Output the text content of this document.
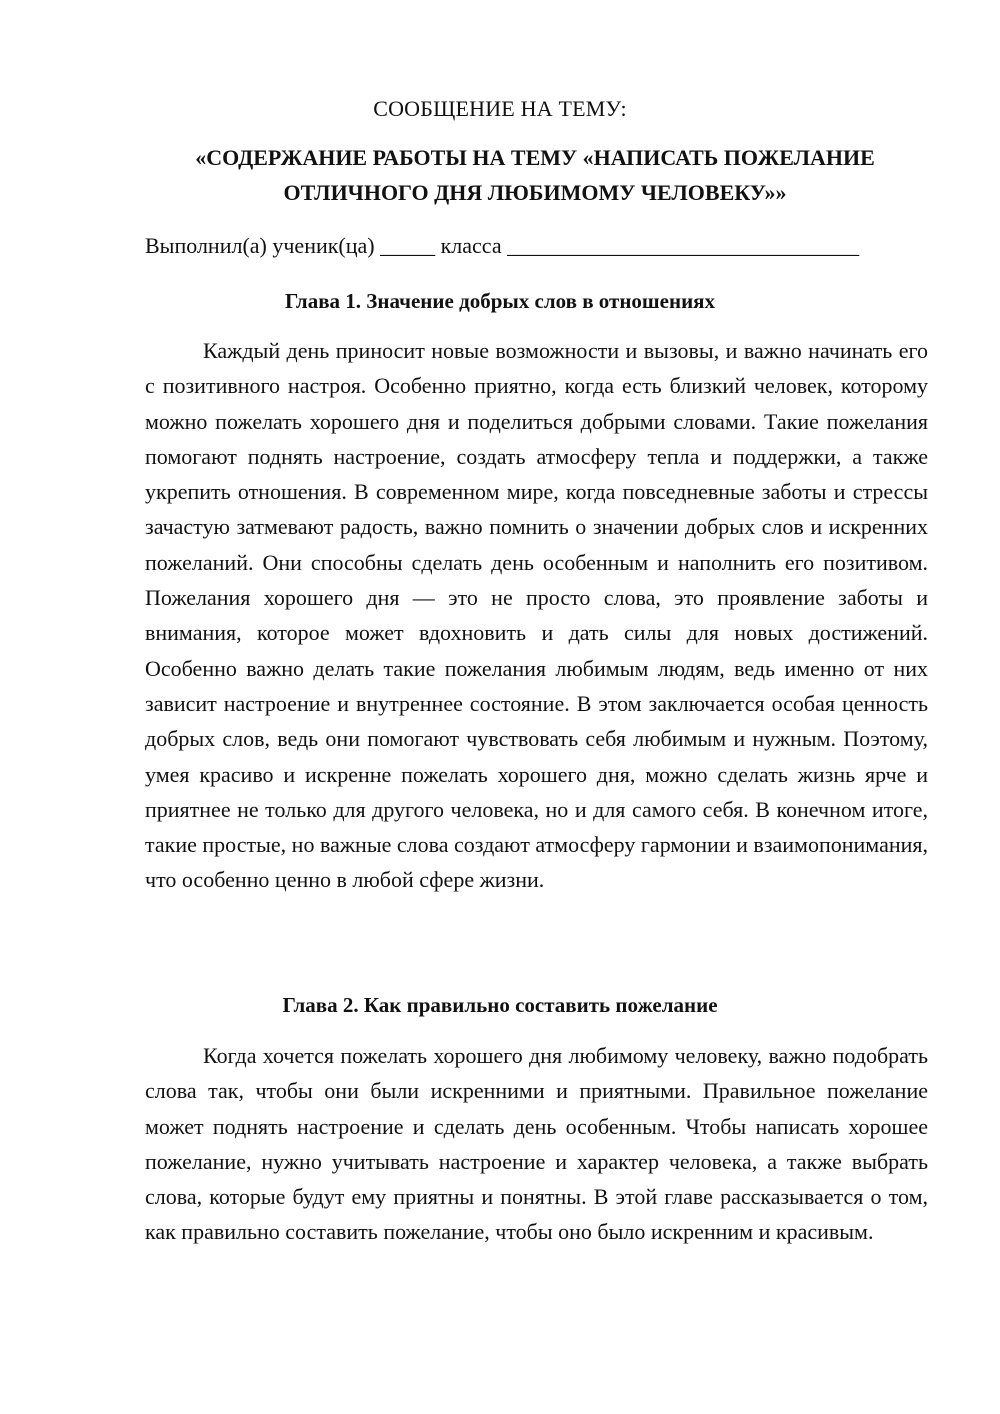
СООБЩЕНИЕ НА ТЕМУ:
«СОДЕРЖАНИЕ РАБОТЫ НА ТЕМУ «НАПИСАТЬ ПОЖЕЛАНИЕ ОТЛИЧНОГО ДНЯ ЛЮБИМОМУ ЧЕЛОВЕКУ»»
Выполнил(а) ученик(ца) _____ класса ________________________________
Глава 1. Значение добрых слов в отношениях

Каждый день приносит новые возможности и вызовы, и важно начинать его с позитивного настроя. Особенно приятно, когда есть близкий человек, которому можно пожелать хорошего дня и поделиться добрыми словами. Такие пожелания помогают поднять настроение, создать атмосферу тепла и поддержки, а также укрепить отношения. В современном мире, когда повседневные заботы и стрессы зачастую затмевают радость, важно помнить о значении добрых слов и искренних пожеланий. Они способны сделать день особенным и наполнить его позитивом. Пожелания хорошего дня — это не просто слова, это проявление заботы и внимания, которое может вдохновить и дать силы для новых достижений. Особенно важно делать такие пожелания любимым людям, ведь именно от них зависит настроение и внутреннее состояние. В этом заключается особая ценность добрых слов, ведь они помогают чувствовать себя любимым и нужным. Поэтому, умея красиво и искренне пожелать хорошего дня, можно сделать жизнь ярче и приятнее не только для другого человека, но и для самого себя. В конечном итоге, такие простые, но важные слова создают атмосферу гармонии и взаимопонимания, что особенно ценно в любой сфере жизни.

Глава 2. Как правильно составить пожелание

Когда хочется пожелать хорошего дня любимому человеку, важно подобрать слова так, чтобы они были искренними и приятными. Правильное пожелание может поднять настроение и сделать день особенным. Чтобы написать хорошее пожелание, нужно учитывать настроение и характер человека, а также выбрать слова, которые будут ему приятны и понятны. В этой главе рассказывается о том, как правильно составить пожелание, чтобы оно было искренним и красивым.
